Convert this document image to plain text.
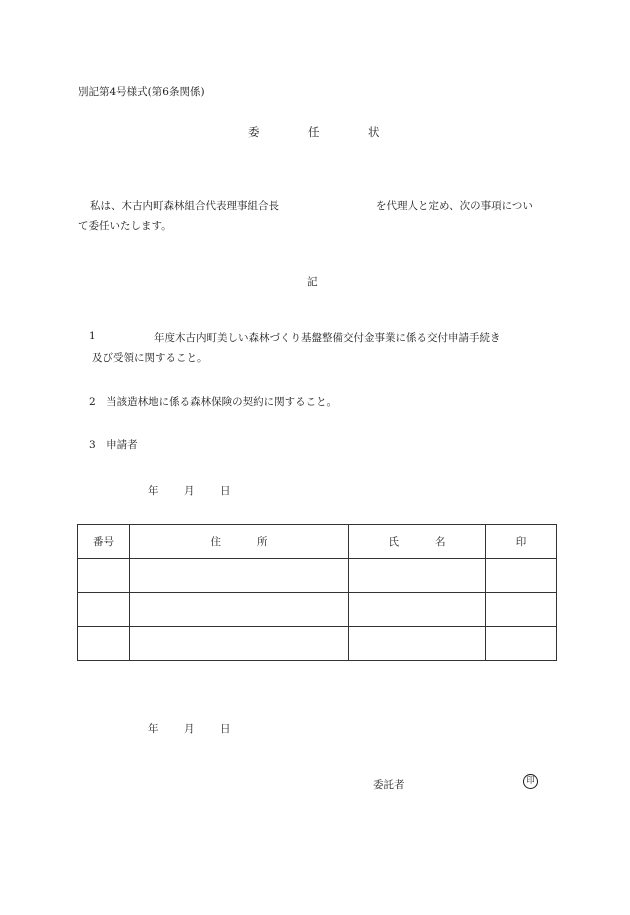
別記第4号様式(第6条関係)
委	任	状
私は、木古内町森林組合代表理事組合長	を代理人と定め、次の事項につい
て委任いたします。
記
1	年度木古内町美しい森林づくり基盤整備交付金事業に係る交付申請手続き
及び受領に関すること。
2　当該造林地に係る森林保険の契約に関すること。
3　申請者
年 月 日
番号	住 所	氏 名	印

年 月 日
委託者	印
